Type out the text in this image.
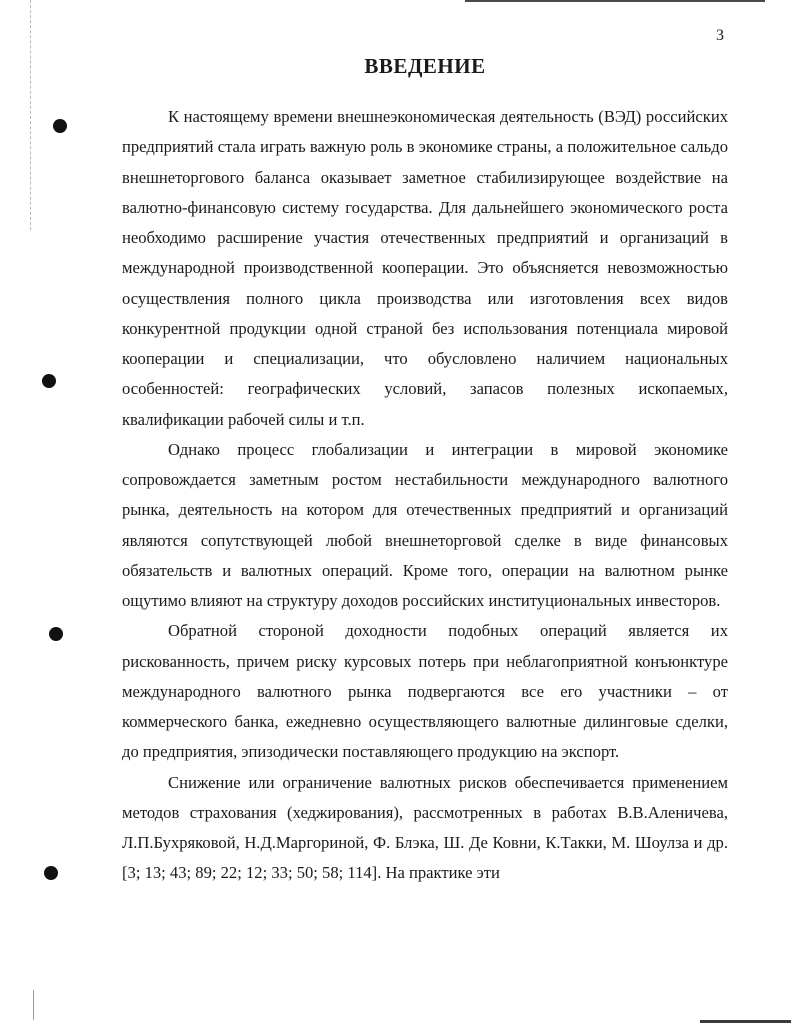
3
ВВЕДЕНИЕ

К настоящему времени внешнеэкономическая деятельность (ВЭД) российских предприятий стала играть важную роль в экономике страны, а положительное сальдо внешнеторгового баланса оказывает заметное стабилизирующее воздействие на валютно-финансовую систему государства. Для дальнейшего экономического роста необходимо расширение участия отечественных предприятий и организаций в международной производственной кооперации. Это объясняется невозможностью осуществления полного цикла производства или изготовления всех видов конкурентной продукции одной страной без использования потенциала мировой кооперации и специализации, что обусловлено наличием национальных особенностей: географических условий, запасов полезных ископаемых, квалификации рабочей силы и т.п.

Однако процесс глобализации и интеграции в мировой экономике сопровождается заметным ростом нестабильности международного валютного рынка, деятельность на котором для отечественных предприятий и организаций являются сопутствующей любой внешнеторговой сделке в виде финансовых обязательств и валютных операций. Кроме того, операции на валютном рынке ощутимо влияют на структуру доходов российских институциональных инвесторов.

Обратной стороной доходности подобных операций является их рискованность, причем риску курсовых потерь при неблагоприятной конъюнктуре международного валютного рынка подвергаются все его участники – от коммерческого банка, ежедневно осуществляющего валютные дилинговые сделки, до предприятия, эпизодически поставляющего продукцию на экспорт.

Снижение или ограничение валютных рисков обеспечивается применением методов страхования (хеджирования), рассмотренных в работах В.В.Аленичева, Л.П.Бухряковой, Н.Д.Маргориной, Ф. Блэка, Ш. Де Ковни, К.Такки, М. Шоулза и др. [3; 13; 43; 89; 22; 12; 33; 50; 58; 114]. На практике эти
